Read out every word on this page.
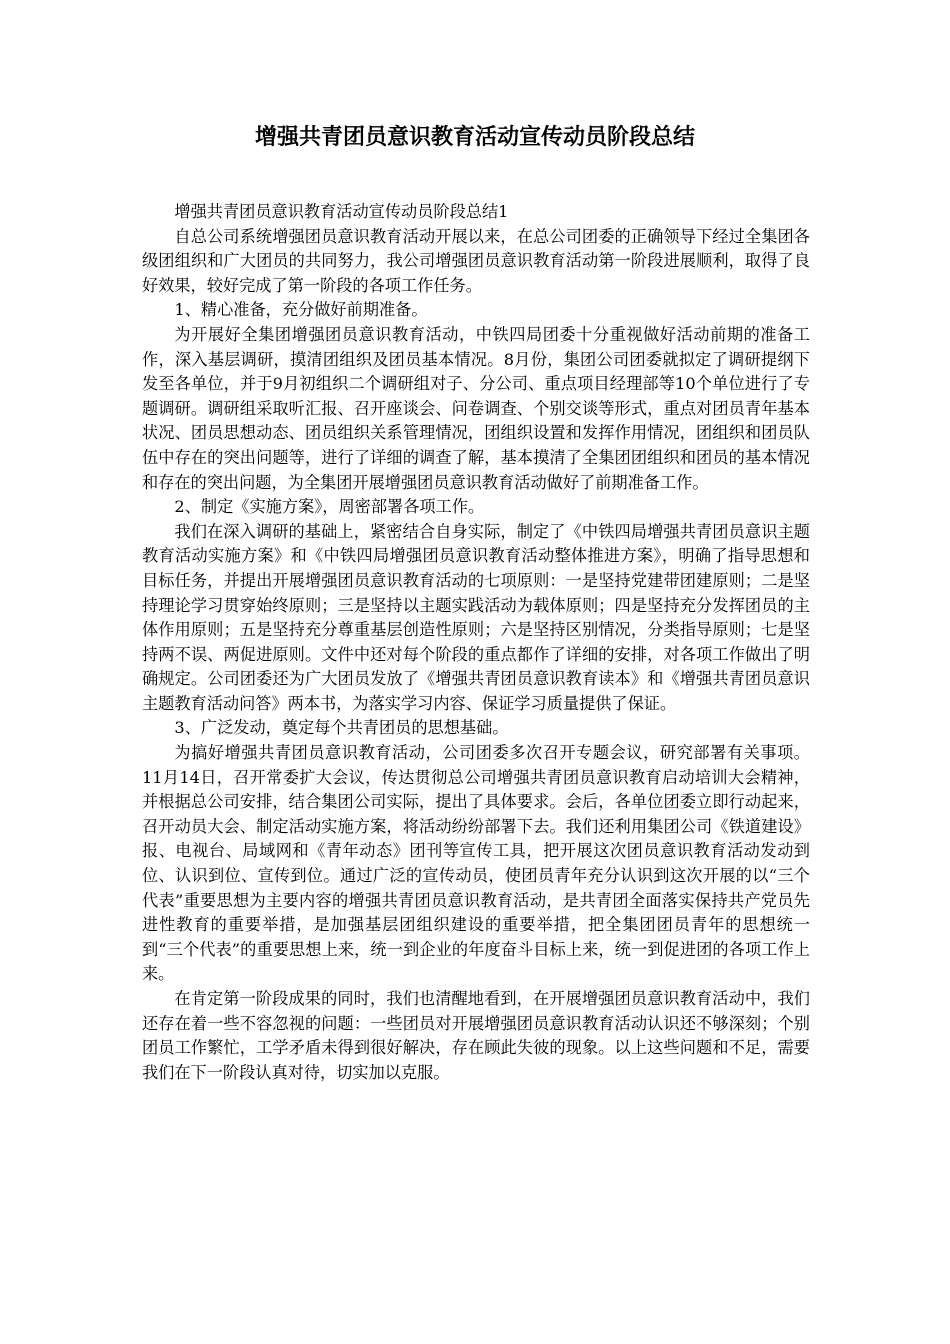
增强共青团员意识教育活动宣传动员阶段总结

增强共青团员意识教育活动宣传动员阶段总结1

自总公司系统增强团员意识教育活动开展以来，在总公司团委的正确领导下经过全集团各级团组织和广大团员的共同努力，我公司增强团员意识教育活动第一阶段进展顺利，取得了良好效果，较好完成了第一阶段的各项工作任务。

1、精心准备，充分做好前期准备。

为开展好全集团增强团员意识教育活动，中铁四局团委十分重视做好活动前期的准备工作，深入基层调研，摸清团组织及团员基本情况。8月份，集团公司团委就拟定了调研提纲下发至各单位，并于9月初组织二个调研组对子、分公司、重点项目经理部等10个单位进行了专题调研。调研组采取听汇报、召开座谈会、问卷调查、个别交谈等形式，重点对团员青年基本状况、团员思想动态、团员组织关系管理情况，团组织设置和发挥作用情况，团组织和团员队伍中存在的突出问题等，进行了详细的调查了解，基本摸清了全集团团组织和团员的基本情况和存在的突出问题，为全集团开展增强团员意识教育活动做好了前期准备工作。

2、制定《实施方案》，周密部署各项工作。

我们在深入调研的基础上，紧密结合自身实际，制定了《中铁四局增强共青团员意识主题教育活动实施方案》和《中铁四局增强团员意识教育活动整体推进方案》，明确了指导思想和目标任务，并提出开展增强团员意识教育活动的七项原则：一是坚持党建带团建原则；二是坚持理论学习贯穿始终原则；三是坚持以主题实践活动为载体原则；四是坚持充分发挥团员的主体作用原则；五是坚持充分尊重基层创造性原则；六是坚持区别情况，分类指导原则；七是坚持两不误、两促进原则。文件中还对每个阶段的重点都作了详细的安排，对各项工作做出了明确规定。公司团委还为广大团员发放了《增强共青团员意识教育读本》和《增强共青团员意识主题教育活动问答》两本书，为落实学习内容、保证学习质量提供了保证。

3、广泛发动，奠定每个共青团员的思想基础。

为搞好增强共青团员意识教育活动，公司团委多次召开专题会议，研究部署有关事项。11月14日，召开常委扩大会议，传达贯彻总公司增强共青团员意识教育启动培训大会精神，并根据总公司安排，结合集团公司实际，提出了具体要求。会后，各单位团委立即行动起来，召开动员大会、制定活动实施方案，将活动纷纷部署下去。我们还利用集团公司《铁道建设》报、电视台、局域网和《青年动态》团刊等宣传工具，把开展这次团员意识教育活动发动到位、认识到位、宣传到位。通过广泛的宣传动员，使团员青年充分认识到这次开展的以“三个代表”重要思想为主要内容的增强共青团员意识教育活动，是共青团全面落实保持共产党员先进性教育的重要举措，是加强基层团组织建设的重要举措，把全集团团员青年的思想统一到“三个代表”的重要思想上来，统一到企业的年度奋斗目标上来，统一到促进团的各项工作上来。

在肯定第一阶段成果的同时，我们也清醒地看到，在开展增强团员意识教育活动中，我们还存在着一些不容忽视的问题：一些团员对开展增强团员意识教育活动认识还不够深刻；个别团员工作繁忙，工学矛盾未得到很好解决，存在顾此失彼的现象。以上这些问题和不足，需要我们在下一阶段认真对待，切实加以克服。
